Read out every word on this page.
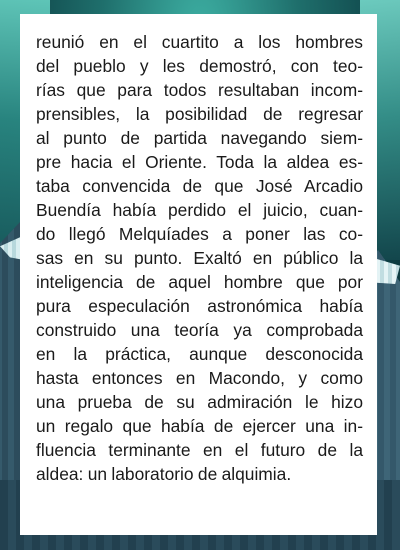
reunió en el cuartito a los hombres
del pueblo y les demostró, con teo-
rías que para todos resultaban incom-
prensibles, la posibilidad de regresar
al punto de partida navegando siem-
pre hacia el Oriente. Toda la aldea es-
taba convencida de que José Arcadio
Buendía había perdido el juicio, cuan-
do llegó Melquíades a poner las co-
sas en su punto. Exaltó en público la
inteligencia de aquel hombre que por
pura especulación astronómica había
construido una teoría ya comprobada
en la práctica, aunque desconocida
hasta entonces en Macondo, y como
una prueba de su admiración le hizo
un regalo que había de ejercer una in-
fluencia terminante en el futuro de la
aldea: un laboratorio de alquimia.
